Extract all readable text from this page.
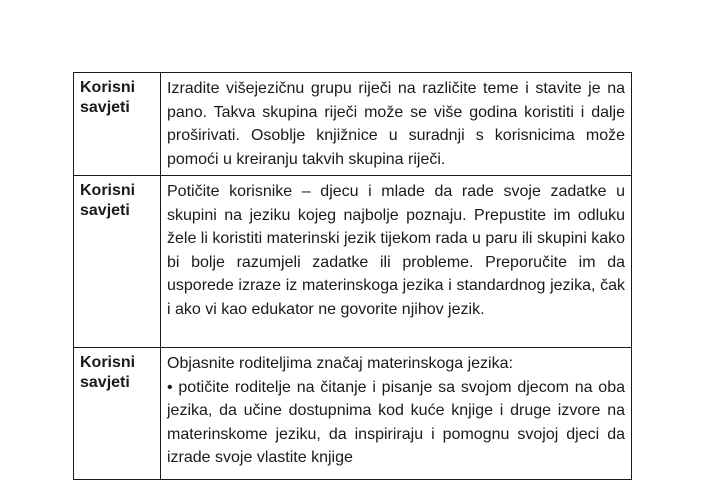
Korisni savjeti	Izradite višejezičnu grupu riječi na različite teme i stavite je na pano. Takva skupina riječi može se više godina koristiti i dalje proširivati. Osoblje knjižnice u suradnji s korisnicima može pomoći u kreiranju takvih skupina riječi.

Korisni savjeti	Potičite korisnike – djecu i mlade da rade svoje zadatke u skupini na jeziku kojeg najbolje poznaju. Prepustite im odluku žele li koristiti materinski jezik tijekom rada u paru ili skupini kako bi bolje razumjeli zadatke ili probleme. Preporučite im da usporede izraze iz materinskoga jezika i standardnog jezika, čak i ako vi kao edukator ne govorite njihov jezik.

Korisni savjeti	Objasnite roditeljima značaj materinskoga jezika:
• potičite roditelje na čitanje i pisanje sa svojom djecom na oba jezika, da učine dostupnima kod kuće knjige i druge izvore na materinskome jeziku, da inspiriraju i pomognu svojoj djeci da izrade svoje vlastite knjige
